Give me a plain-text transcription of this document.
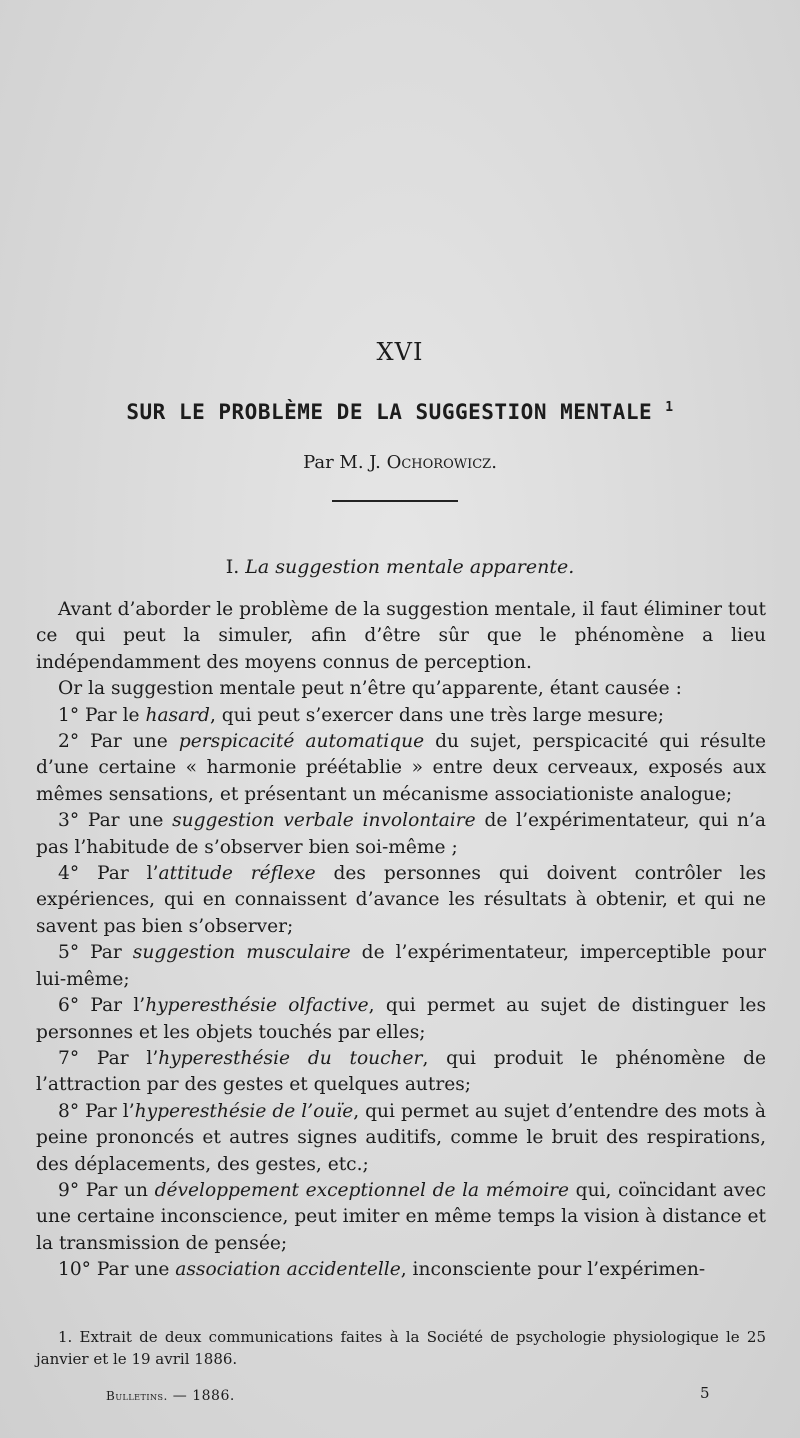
XVI
SUR LE PROBLÈME DE LA SUGGESTION MENTALE $^1$
Par M. J. Ochorowicz.
I. La suggestion mentale apparente.

Avant d’aborder le problème de la suggestion mentale, il faut éliminer tout ce qui peut la simuler, afin d’être sûr que le phénomène a lieu indépendamment des moyens connus de perception.

Or la suggestion mentale peut n’être qu’apparente, étant causée :

1° Par le hasard, qui peut s’exercer dans une très large mesure;

2° Par une perspicacité automatique du sujet, perspicacité qui résulte d’une certaine « harmonie préétablie » entre deux cerveaux, exposés aux mêmes sensations, et présentant un mécanisme associationiste analogue;

3° Par une suggestion verbale involontaire de l’expérimentateur, qui n’a pas l’habitude de s’observer bien soi-même ;

4° Par l’attitude réflexe des personnes qui doivent contrôler les expériences, qui en connaissent d’avance les résultats à obtenir, et qui ne savent pas bien s’observer;

5° Par suggestion musculaire de l’expérimentateur, imperceptible pour lui-même;

6° Par l’hyperesthésie olfactive, qui permet au sujet de distinguer les personnes et les objets touchés par elles;

7° Par l’hyperesthésie du toucher, qui produit le phénomène de l’attraction par des gestes et quelques autres;

8° Par l’hyperesthésie de l’ouïe, qui permet au sujet d’entendre des mots à peine prononcés et autres signes auditifs, comme le bruit des respirations, des déplacements, des gestes, etc.;

9° Par un développement exceptionnel de la mémoire qui, coïncidant avec une certaine inconscience, peut imiter en même temps la vision à distance et la transmission de pensée;

10° Par une association accidentelle, inconsciente pour l’expérimen-

1. Extrait de deux communications faites à la Société de psychologie physiologique le 25 janvier et le 19 avril 1886.

Bulletins. — 1886.	5
